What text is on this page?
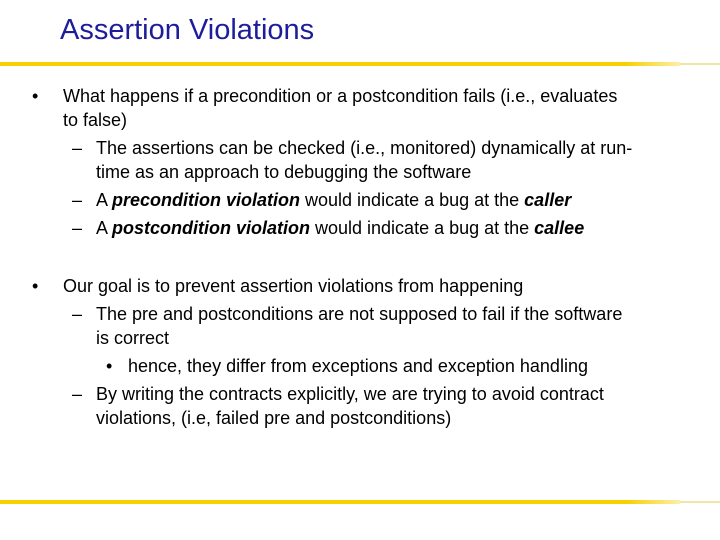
Assertion Violations
• What happens if a precondition or a postcondition fails (i.e., evaluates
to false)
– The assertions can be checked (i.e., monitored) dynamically at run-
time as an approach to debugging the software
– A precondition violation would indicate a bug at the caller
– A postcondition violation would indicate a bug at the callee
• Our goal is to prevent assertion violations from happening
– The pre and postconditions are not supposed to fail if the software
is correct
• hence, they differ from exceptions and exception handling
– By writing the contracts explicitly, we are trying to avoid contract
violations, (i.e, failed pre and postconditions)
